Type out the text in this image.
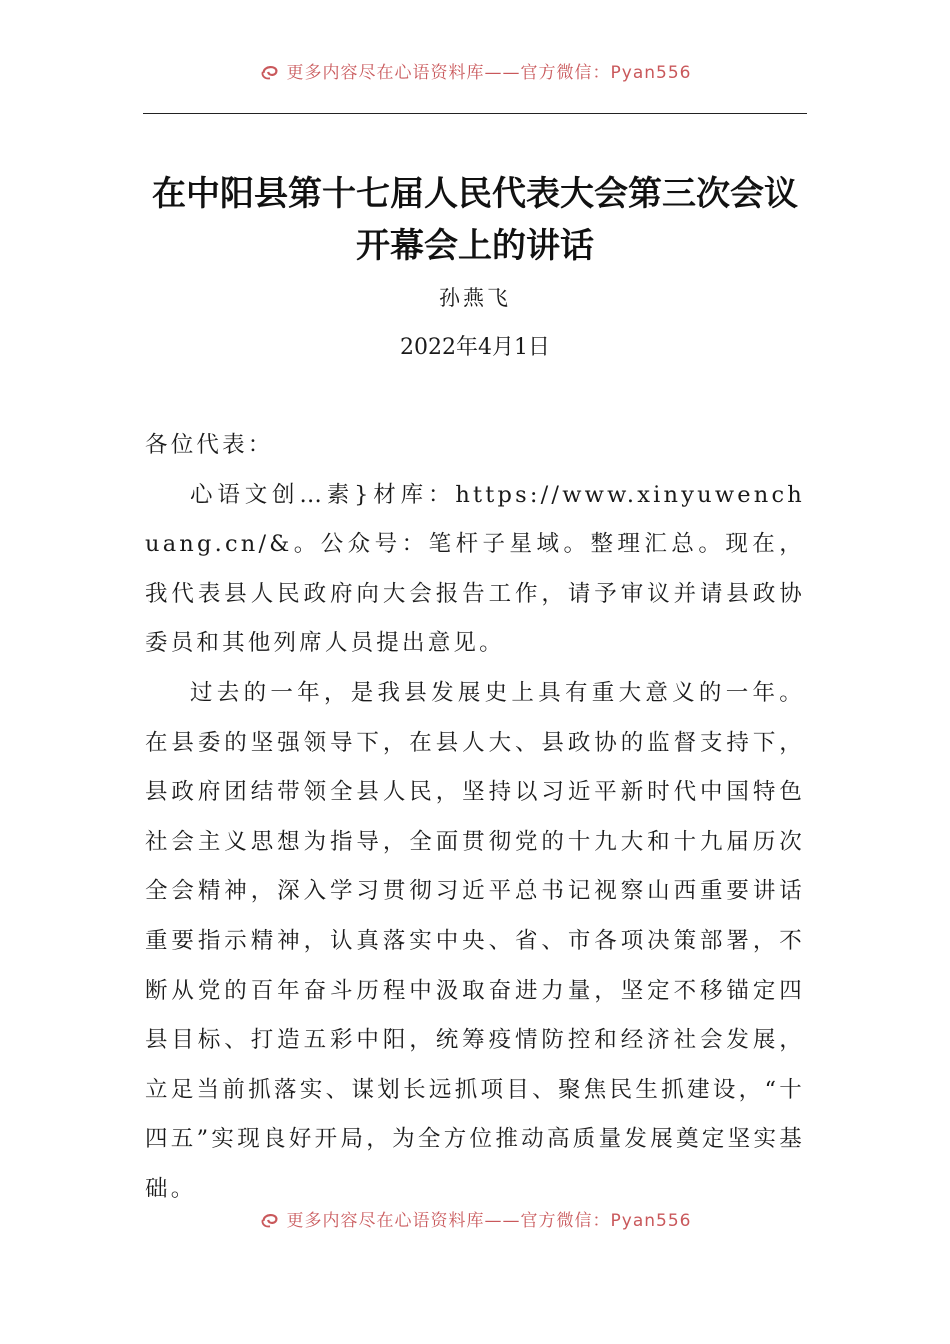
更多内容尽在心语资料库——官方微信：Pyan556
在中阳县第十七届人民代表大会第三次会议开幕会上的讲话
孙燕飞
2022年4月1日

各位代表：

心语文创…素}材库：https://www.xinyuwenchuang.cn/&。公众号：笔杆子星域。整理汇总。现在，我代表县人民政府向大会报告工作，请予审议并请县政协委员和其他列席人员提出意见。

过去的一年，是我县发展史上具有重大意义的一年。在县委的坚强领导下，在县人大、县政协的监督支持下，县政府团结带领全县人民，坚持以习近平新时代中国特色社会主义思想为指导，全面贯彻党的十九大和十九届历次全会精神，深入学习贯彻习近平总书记视察山西重要讲话重要指示精神，认真落实中央、省、市各项决策部署，不断从党的百年奋斗历程中汲取奋进力量，坚定不移锚定四县目标、打造五彩中阳，统筹疫情防控和经济社会发展，立足当前抓落实、谋划长远抓项目、聚焦民生抓建设，“十四五”实现良好开局，为全方位推动高质量发展奠定坚实基础。

更多内容尽在心语资料库——官方微信：Pyan556
